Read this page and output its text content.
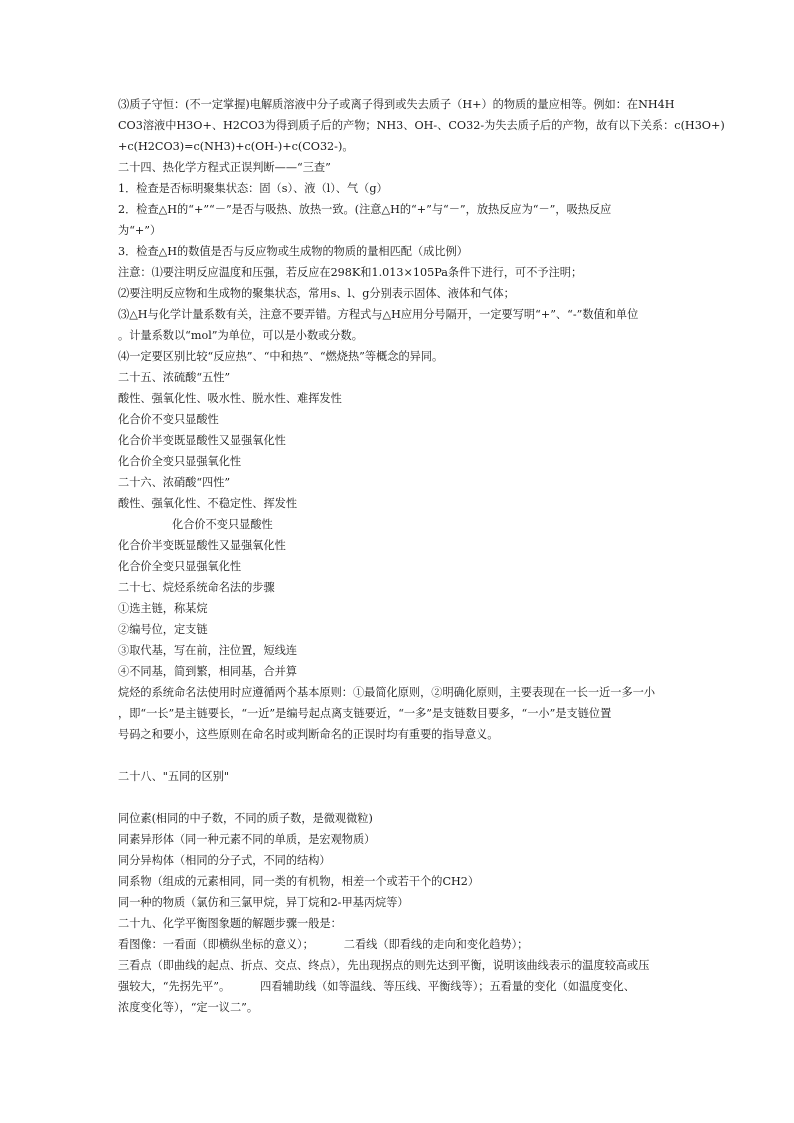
⑶质子守恒：(不一定掌握)电解质溶液中分子或离子得到或失去质子（H+）的物质的量应相等。例如：在NH4H
CO3溶液中H3O+、H2CO3为得到质子后的产物；NH3、OH-、CO32-为失去质子后的产物，故有以下关系：c(H3O+)
+c(H2CO3)=c(NH3)+c(OH-)+c(CO32-)。
二十四、热化学方程式正误判断——“三查”
1．检查是否标明聚集状态：固（s）、液（l）、气（g）
2．检查△H的“+”“－”是否与吸热、放热一致。(注意△H的“+”与“－”，放热反应为“－”，吸热反应
为“+”）
3．检查△H的数值是否与反应物或生成物的物质的量相匹配（成比例）
注意：⑴要注明反应温度和压强，若反应在298K和1.013×105Pa条件下进行，可不予注明；
⑵要注明反应物和生成物的聚集状态，常用s、l、g分别表示固体、液体和气体；
⑶△H与化学计量系数有关，注意不要弄错。方程式与△H应用分号隔开，一定要写明“+”、“-”数值和单位
。计量系数以“mol”为单位，可以是小数或分数。
⑷一定要区别比较“反应热”、“中和热”、“燃烧热”等概念的异同。
二十五、浓硫酸“五性”
酸性、强氧化性、吸水性、脱水性、难挥发性
化合价不变只显酸性
化合价半变既显酸性又显强氧化性
化合价全变只显强氧化性
二十六、浓硝酸“四性”
酸性、强氧化性、不稳定性、挥发性
化合价不变只显酸性
化合价半变既显酸性又显强氧化性
化合价全变只显强氧化性
二十七、烷烃系统命名法的步骤
①选主链，称某烷
②编号位，定支链
③取代基，写在前，注位置，短线连
④不同基，简到繁，相同基，合并算
烷烃的系统命名法使用时应遵循两个基本原则：①最简化原则，②明确化原则，主要表现在一长一近一多一小
，即“一长”是主链要长，“一近”是编号起点离支链要近，“一多”是支链数目要多，“一小”是支链位置
号码之和要小，这些原则在命名时或判断命名的正误时均有重要的指导意义。
二十八、"五同的区别"
同位素(相同的中子数，不同的质子数，是微观微粒)
同素异形体（同一种元素不同的单质，是宏观物质）
同分异构体（相同的分子式，不同的结构）
同系物（组成的元素相同，同一类的有机物，相差一个或若干个的CH2）
同一种的物质（氯仿和三氯甲烷，异丁烷和2-甲基丙烷等）
二十九、化学平衡图象题的解题步骤一般是：
看图像：一看面（即横纵坐标的意义）；	二看线（即看线的走向和变化趋势）；
三看点（即曲线的起点、折点、交点、终点），先出现拐点的则先达到平衡，说明该曲线表示的温度较高或压
强较大，“先拐先平”。	四看辅助线（如等温线、等压线、平衡线等）；五看量的变化（如温度变化、
浓度变化等），“定一议二”。
